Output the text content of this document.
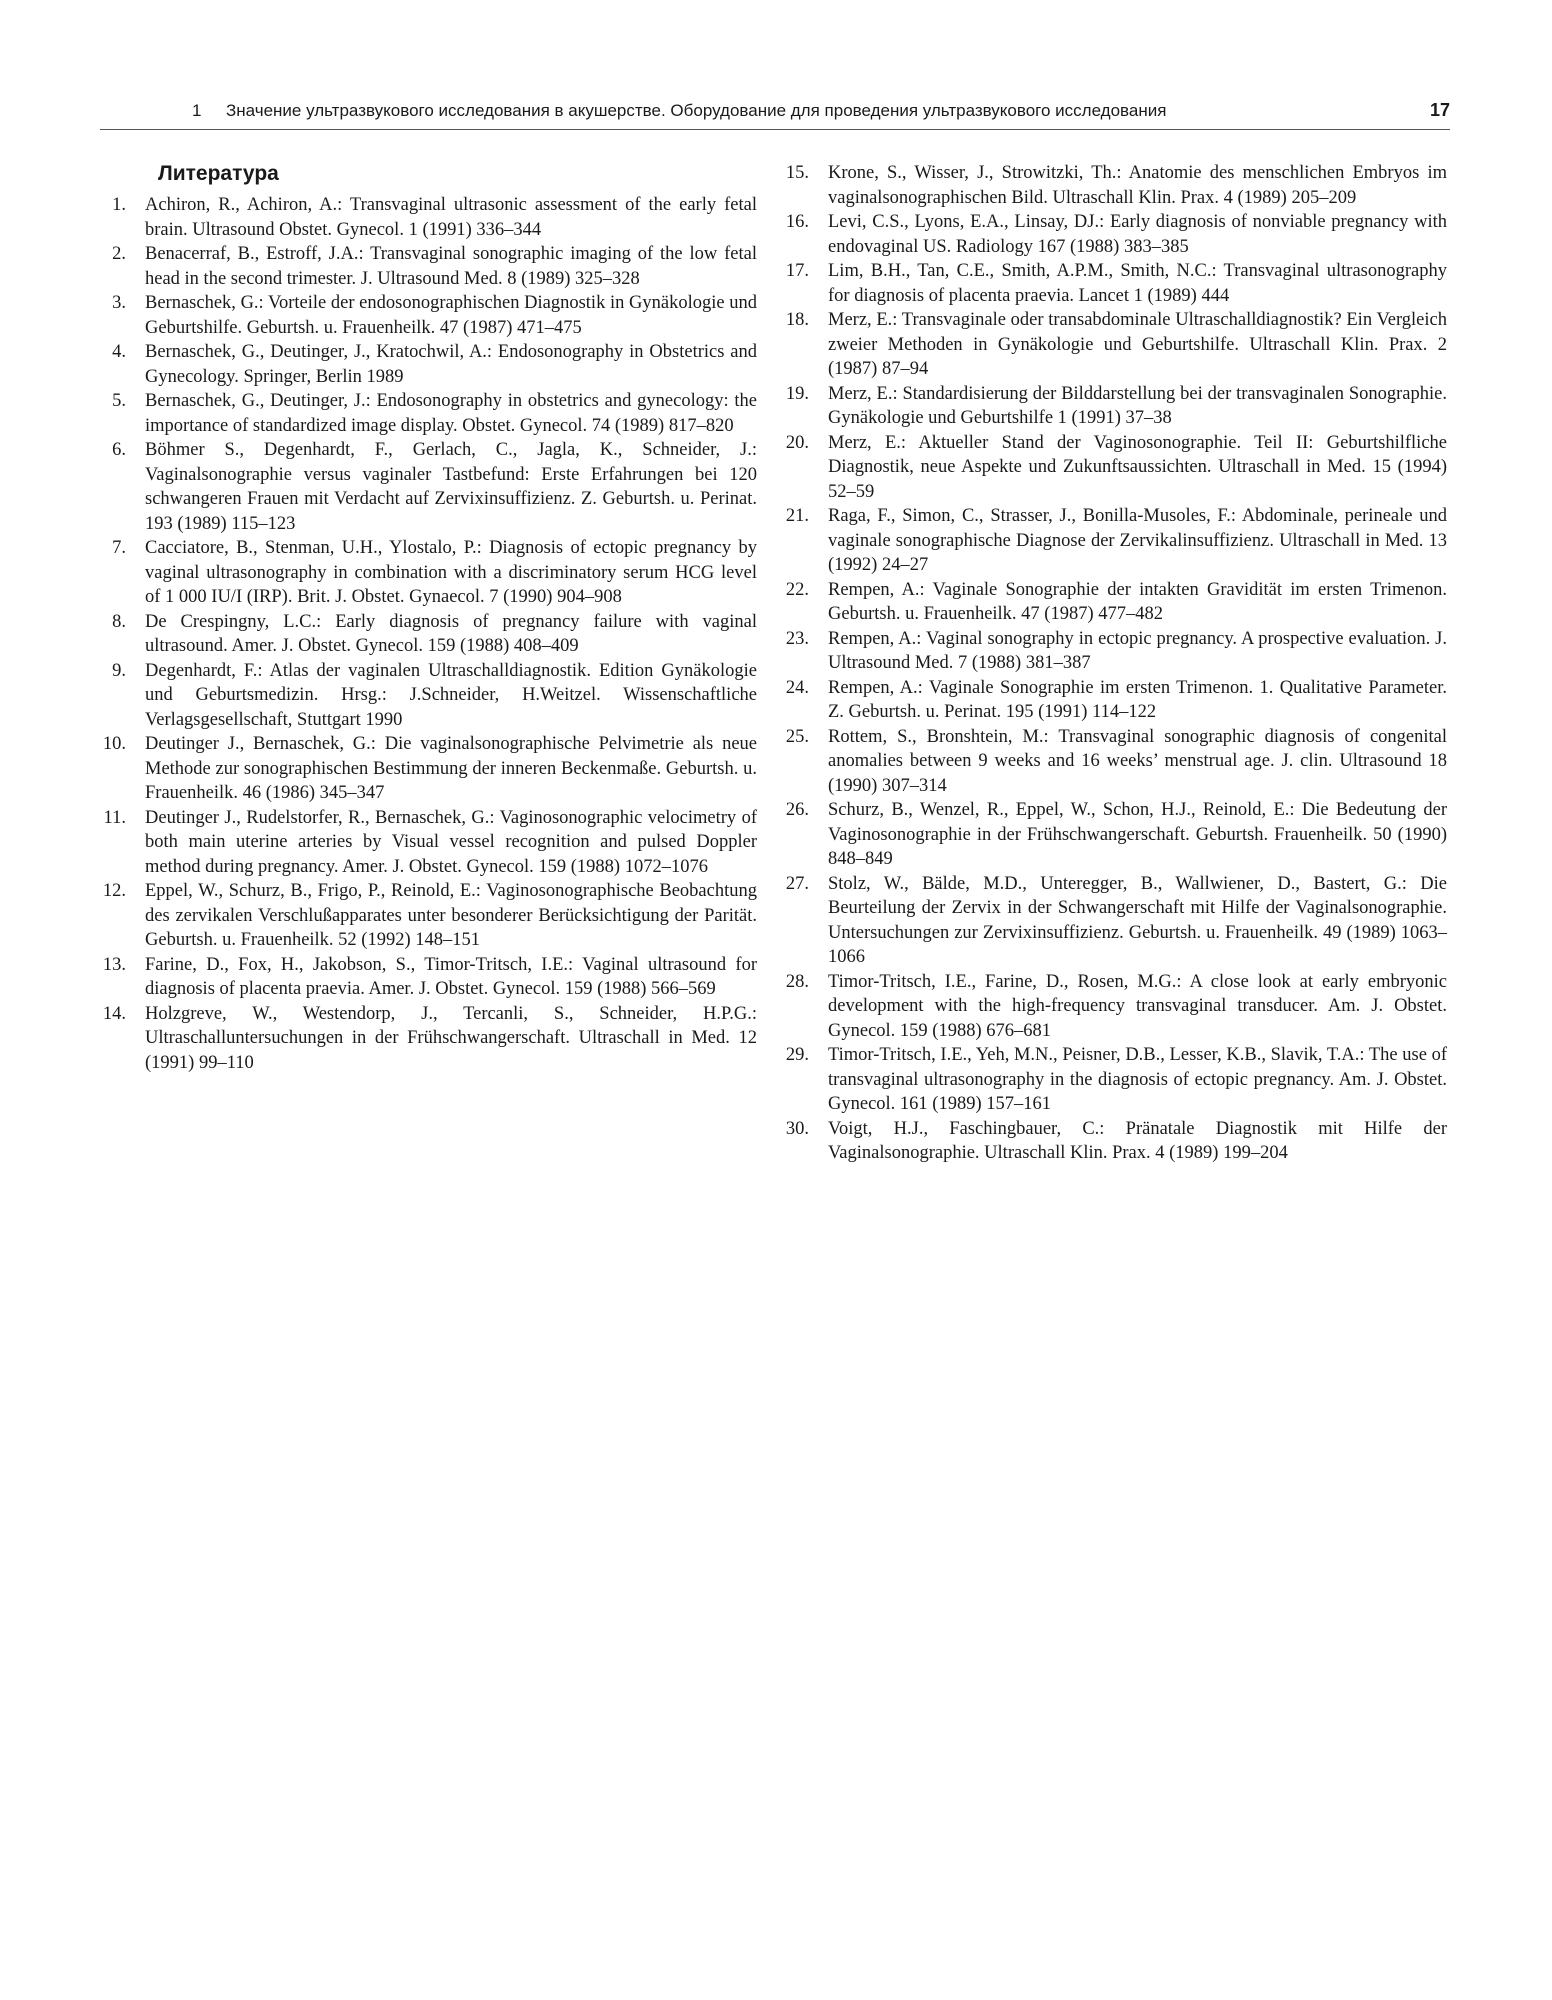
1 Значение ультразвукового исследования в акушерстве. Оборудование для проведения ультразвукового исследования	17
Литература
1. Achiron, R., Achiron, A.: Transvaginal ultrasonic assessment of the early fetal brain. Ultrasound Obstet. Gynecol. 1 (1991) 336–344
2. Benacerraf, B., Estroff, J.A.: Transvaginal sonographic imaging of the low fetal head in the second trimester. J. Ultrasound Med. 8 (1989) 325–328
3. Bernaschek, G.: Vorteile der endosonographischen Diagnostik in Gynäkologie und Geburtshilfe. Geburtsh. u. Frauenheilk. 47 (1987) 471–475
4. Bernaschek, G., Deutinger, J., Kratochwil, A.: Endosonography in Obstetrics and Gynecology. Springer, Berlin 1989
5. Bernaschek, G., Deutinger, J.: Endosonography in obstetrics and gynecology: the importance of standardized image display. Obstet. Gynecol. 74 (1989) 817–820
6. Böhmer S., Degenhardt, F., Gerlach, C., Jagla, K., Schneider, J.: Vaginalsonographie versus vaginaler Tastbefund: Erste Erfahrungen bei 120 schwangeren Frauen mit Verdacht auf Zervixinsuffizienz. Z. Geburtsh. u. Perinat. 193 (1989) 115–123
7. Cacciatore, B., Stenman, U.H., Ylostalo, P.: Diagnosis of ectopic pregnancy by vaginal ultrasonography in combination with a discriminatory serum HCG level of 1 000 IU/I (IRP). Brit. J. Obstet. Gynaecol. 7 (1990) 904–908
8. De Crespingny, L.C.: Early diagnosis of pregnancy failure with vaginal ultrasound. Amer. J. Obstet. Gynecol. 159 (1988) 408–409
9. Degenhardt, F.: Atlas der vaginalen Ultraschalldiagnostik. Edition Gynäkologie und Geburtsmedizin. Hrsg.: J.Schneider, H.Weitzel. Wissenschaftliche Verlagsgesellschaft, Stuttgart 1990
10. Deutinger J., Bernaschek, G.: Die vaginalsonographische Pelvimetrie als neue Methode zur sonographischen Bestimmung der inneren Beckenmaße. Geburtsh. u. Frauenheilk. 46 (1986) 345–347
11. Deutinger J., Rudelstorfer, R., Bernaschek, G.: Vaginosonographic velocimetry of both main uterine arteries by Visual vessel recognition and pulsed Doppler method during pregnancy. Amer. J. Obstet. Gynecol. 159 (1988) 1072–1076
12. Eppel, W., Schurz, B., Frigo, P., Reinold, E.: Vaginosonographische Beobachtung des zervikalen Verschlußapparates unter besonderer Berücksichtigung der Parität. Geburtsh. u. Frauenheilk. 52 (1992) 148–151
13. Farine, D., Fox, H., Jakobson, S., Timor-Tritsch, I.E.: Vaginal ultrasound for diagnosis of placenta praevia. Amer. J. Obstet. Gynecol. 159 (1988) 566–569
14. Holzgreve, W., Westendorp, J., Tercanli, S., Schneider, H.P.G.: Ultraschalluntersuchungen in der Frühschwangerschaft. Ultraschall in Med. 12 (1991) 99–110
15. Krone, S., Wisser, J., Strowitzki, Th.: Anatomie des menschlichen Embryos im vaginalsonographischen Bild. Ultraschall Klin. Prax. 4 (1989) 205–209
16. Levi, C.S., Lyons, E.A., Linsay, DJ.: Early diagnosis of nonviable pregnancy with endovaginal US. Radiology 167 (1988) 383–385
17. Lim, B.H., Tan, C.E., Smith, A.P.M., Smith, N.C.: Transvaginal ultrasonography for diagnosis of placenta praevia. Lancet 1 (1989) 444
18. Merz, E.: Transvaginale oder transabdominale Ultraschalldiagnostik? Ein Vergleich zweier Methoden in Gynäkologie und Geburtshilfe. Ultraschall Klin. Prax. 2 (1987) 87–94
19. Merz, E.: Standardisierung der Bilddarstellung bei der transvaginalen Sonographie. Gynäkologie und Geburtshilfe 1 (1991) 37–38
20. Merz, E.: Aktueller Stand der Vaginosonographie. Teil II: Geburtshilfliche Diagnostik, neue Aspekte und Zukunftsaussichten. Ultraschall in Med. 15 (1994) 52–59
21. Raga, F., Simon, C., Strasser, J., Bonilla-Musoles, F.: Abdominale, perineale und vaginale sonographische Diagnose der Zervikalinsuffizienz. Ultraschall in Med. 13 (1992) 24–27
22. Rempen, A.: Vaginale Sonographie der intakten Gravidität im ersten Trimenon. Geburtsh. u. Frauenheilk. 47 (1987) 477–482
23. Rempen, A.: Vaginal sonography in ectopic pregnancy. A prospective evaluation. J. Ultrasound Med. 7 (1988) 381–387
24. Rempen, A.: Vaginale Sonographie im ersten Trimenon. 1. Qualitative Parameter. Z. Geburtsh. u. Perinat. 195 (1991) 114–122
25. Rottem, S., Bronshtein, M.: Transvaginal sonographic diagnosis of congenital anomalies between 9 weeks and 16 weeks’ menstrual age. J. clin. Ultrasound 18 (1990) 307–314
26. Schurz, B., Wenzel, R., Eppel, W., Schon, H.J., Reinold, E.: Die Bedeutung der Vaginosonographie in der Frühschwangerschaft. Geburtsh. Frauenheilk. 50 (1990) 848–849
27. Stolz, W., Bälde, M.D., Unteregger, B., Wallwiener, D., Bastert, G.: Die Beurteilung der Zervix in der Schwangerschaft mit Hilfe der Vaginalsonographie. Untersuchungen zur Zervixinsuffizienz. Geburtsh. u. Frauenheilk. 49 (1989) 1063–1066
28. Timor-Tritsch, I.E., Farine, D., Rosen, M.G.: A close look at early embryonic development with the high-frequency transvaginal transducer. Am. J. Obstet. Gynecol. 159 (1988) 676–681
29. Timor-Tritsch, I.E., Yeh, M.N., Peisner, D.B., Lesser, K.B., Slavik, T.A.: The use of transvaginal ultrasonography in the diagnosis of ectopic pregnancy. Am. J. Obstet. Gynecol. 161 (1989) 157–161
30. Voigt, H.J., Faschingbauer, C.: Pränatale Diagnostik mit Hilfe der Vaginalsonographie. Ultraschall Klin. Prax. 4 (1989) 199–204
